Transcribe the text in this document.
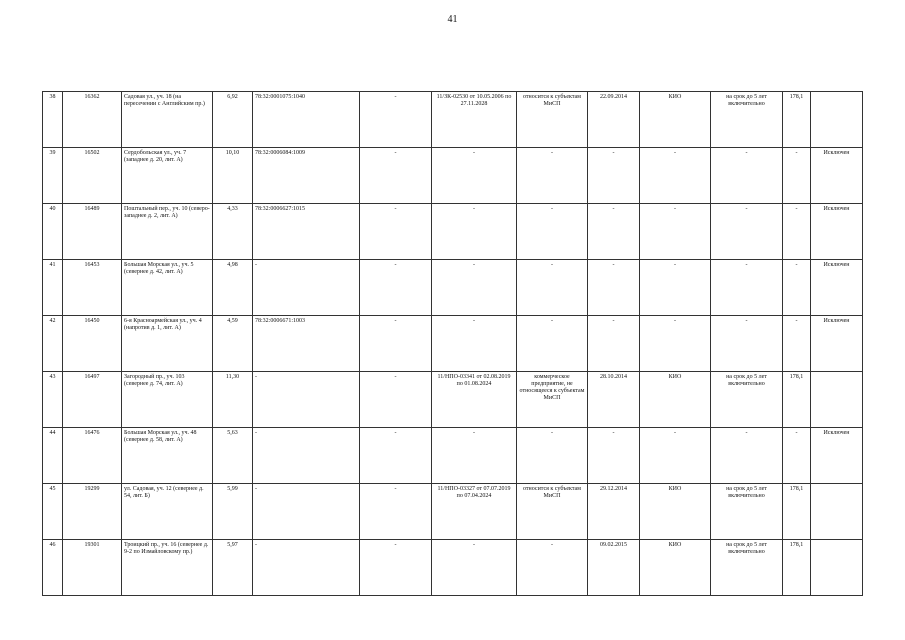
41
38	16362	Садовая ул., уч. 18 (на пересечении с Английским пр.)	6,92	78:32:0001075:1040	-	11/ЗК-02530 от 10.05.2006 по 27.11.2028	относится к субъектам МиСП	22.09.2014	КИО	на срок до 5 лет включительно	178,1	
39	16502	Сердобольская ул., уч. 7 (западнее д. 20, лит. А)	10,10	78:32:0006084:1009	-	-	-	-	-	-	-	Исключен
40	16489	Поштальный пер., уч. 10 (северо-западнее д. 2, лит. А)	4,33	78:32:0006627:1015	-	-	-	-	-	-	-	Исключен
41	16453	Большая Морская ул., уч. 5 (севернее д. 42, лит. А)	4,98	-	-	-	-	-	-	-	-	Исключен
42	16450	6-я Красноармейская ул., уч. 4 (напротив д. 1, лит. А)	4,59	78:32:0006671:1003	-	-	-	-	-	-	-	Исключен
43	16497	Загородный пр., уч. 103 (севернее д. 74, лит. А)	11,30	-	-	11/НПО-03341 от 02.08.2019 по 01.08.2024	коммерческое предприятие, не относящееся к субъектам МиСП	28.10.2014	КИО	на срок до 5 лет включительно	178,1	
44	16476	Большая Морская ул., уч. 48 (севернее д. 58, лит. А)	5,63	-	-	-	-	-	-	-	-	Исключен
45	19299	ул. Садовая, уч. 12 (севернее д. 54, лит. Б)	5,99	-	-	11/НПО-03327 от 07.07.2019 по 07.04.2024	относится к субъектам МиСП	29.12.2014	КИО	на срок до 5 лет включительно	178,1	
46	19301	Троицкий пр., уч. 16 (севернее д. 9-2 по Измайловскому пр.)	5,97	-	-	-	-	09.02.2015	КИО	на срок до 5 лет включительно	178,1	
